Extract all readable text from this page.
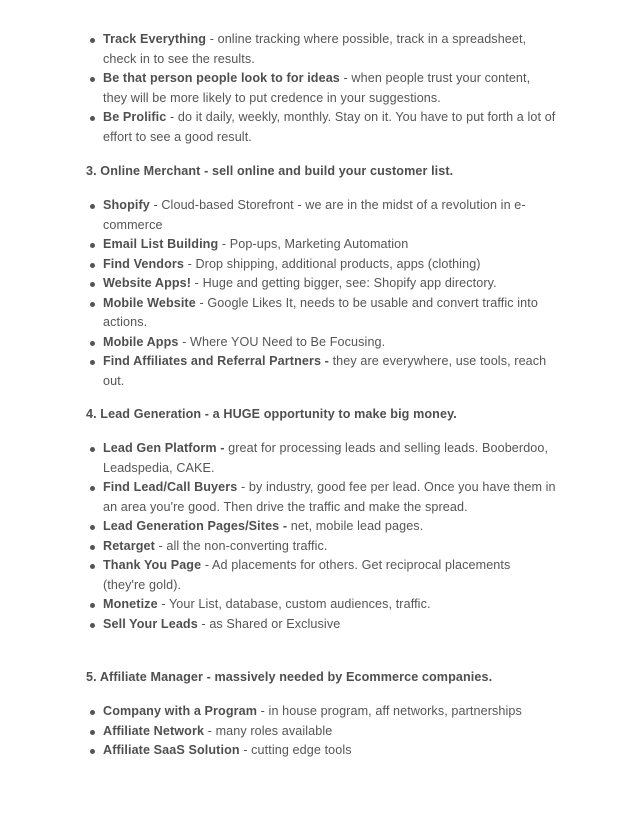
Track Everything - online tracking where possible, track in a spreadsheet, check in to see the results.
Be that person people look to for ideas - when people trust your content, they will be more likely to put credence in your suggestions.
Be Prolific - do it daily, weekly, monthly. Stay on it. You have to put forth a lot of effort to see a good result.

3. Online Merchant - sell online and build your customer list.

Shopify - Cloud-based Storefront - we are in the midst of a revolution in e-commerce
Email List Building - Pop-ups, Marketing Automation
Find Vendors - Drop shipping, additional products, apps (clothing)
Website Apps! - Huge and getting bigger, see: Shopify app directory.
Mobile Website - Google Likes It, needs to be usable and convert traffic into actions.
Mobile Apps - Where YOU Need to Be Focusing.
Find Affiliates and Referral Partners - they are everywhere, use tools, reach out.

4. Lead Generation - a HUGE opportunity to make big money.

Lead Gen Platform - great for processing leads and selling leads. Booberdoo, Leadspedia, CAKE.
Find Lead/Call Buyers - by industry, good fee per lead. Once you have them in an area you're good. Then drive the traffic and make the spread.
Lead Generation Pages/Sites - net, mobile lead pages.
Retarget - all the non-converting traffic.
Thank You Page - Ad placements for others. Get reciprocal placements (they're gold).
Monetize - Your List, database, custom audiences, traffic.
Sell Your Leads - as Shared or Exclusive

5. Affiliate Manager - massively needed by Ecommerce companies.

Company with a Program - in house program, aff networks, partnerships
Affiliate Network - many roles available
Affiliate SaaS Solution - cutting edge tools
